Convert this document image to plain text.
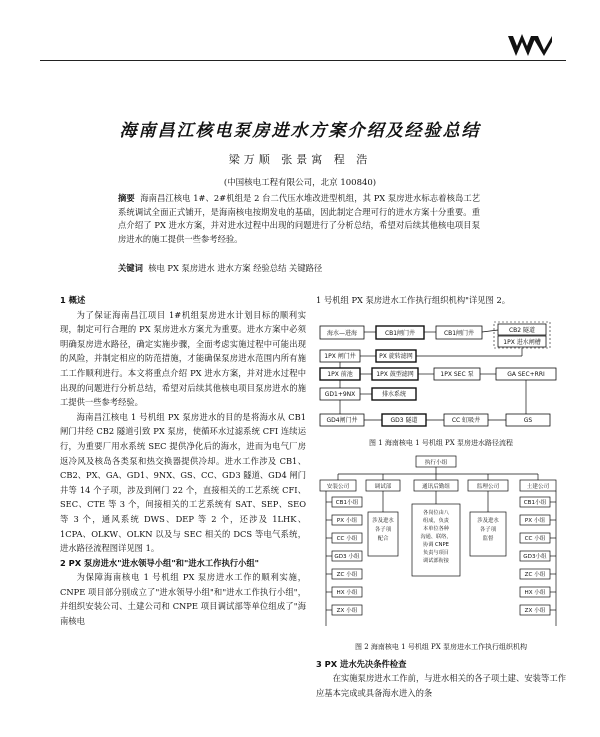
海南昌江核电泵房进水方案介绍及经验总结
梁万顺 张景寓 程 浩
(中国核电工程有限公司，北京 100840)
摘要 海南昌江核电 1#、2#机组是 2 台二代压水堆改进型机组，其 PX 泵房进水标志着核岛工艺系统调试全面正式铺开，是海南核电按期发电的基础，因此制定合理可行的进水方案十分重要。重点介绍了 PX 进水方案，并对进水过程中出现的问题进行了分析总结，希望对后续其他核电项目泵房进水的施工提供一些参考经验。
关键词 核电 PX 泵房进水 进水方案 经验总结 关键路径
1 概述

为了保证海南昌江项目 1#机组泵房进水计划目标的顺利实现，制定可行合理的 PX 泵房进水方案尤为重要。进水方案中必须明确泵房进水路径，确定实施步骤，全面考虑实施过程中可能出现的风险，并制定相应的防范措施，才能确保泵房进水范围内所有施工工作顺利进行。本文将重点介绍 PX 进水方案，并对进水过程中出现的问题进行分析总结，希望对后续其他核电项目泵房进水的施工提供一些参考经验。

海南昌江核电 1 号机组 PX 泵房进水的目的是将海水从 CB1 闸门井经 CB2 隧道引致 PX 泵房，使循环水过滤系统 CFI 连续运行，为重要厂用水系统 SEC 提供净化后的海水，进而为电气厂房返冷风及核岛各类泵和热交换器提供冷却。进水工作涉及 CB1、CB2、PX、GA、GD1、9NX、GS、CC、GD3 隧道、GD4 闸门井等 14 个子项，涉及到闸门 22 个，直接相关的工艺系统 CFI、SEC、CTE 等 3 个，间接相关的工艺系统有 SAT、SEP、SEO 等 3 个，通风系统 DWS、DEP 等 2 个，还涉及 1LHK、1CPA、OLKW、OLKN 以及与 SEC 相关的 DCS 等电气系统，进水路径流程图详见图 1。

2 PX 泵房进水"进水领导小组"和"进水工作执行小组"

为保障海南核电 1 号机组 PX 泵房进水工作的顺利实施，CNPE 项目部分别成立了"进水领导小组"和"进水工作执行小组"，并组织安装公司、土建公司和 CNPE 项目调试部等单位组成了"海南核电

1 号机组 PX 泵房进水工作执行组织机构"详见图 2。

海水—进海	CB1闸门井	CB1闸门井	CB2 隧道
1PX 进水闸槽
1PX 闸门井	PX 旋转滤网
1PX 前池	1PX 鼓型滤网	1PX SEC 泵	GA SEC+RRI
GD1+9NX	排水系统
GD4闸门井	GD3 隧道	CC 虹吸井	GS
图 1 海南核电 1 号机组 PX 泵房进水路径流程
执行小组
安装公司	调试部	通讯后勤组	监理公司	土建公司
CB1小组
PX 小组
CC 小组
GD3 小组
ZC 小组
HX 小组
ZX 小组
涉及进水各子项配合
各岗位由八组成，负责本单位各种沟通、联络，协调 CNPE 负责与项目调试部衔接
涉及进水各子项监督
CB1小组
PX 小组
CC 小组
GD3小组
ZC 小组
HX 小组
ZX 小组
图 2 海南核电 1 号机组 PX 泵房进水工作执行组织机构
3 PX 进水先决条件检查

在实施泵房进水工作前，与进水相关的各子项土建、安装等工作应基本完成或具备海水进入的条
